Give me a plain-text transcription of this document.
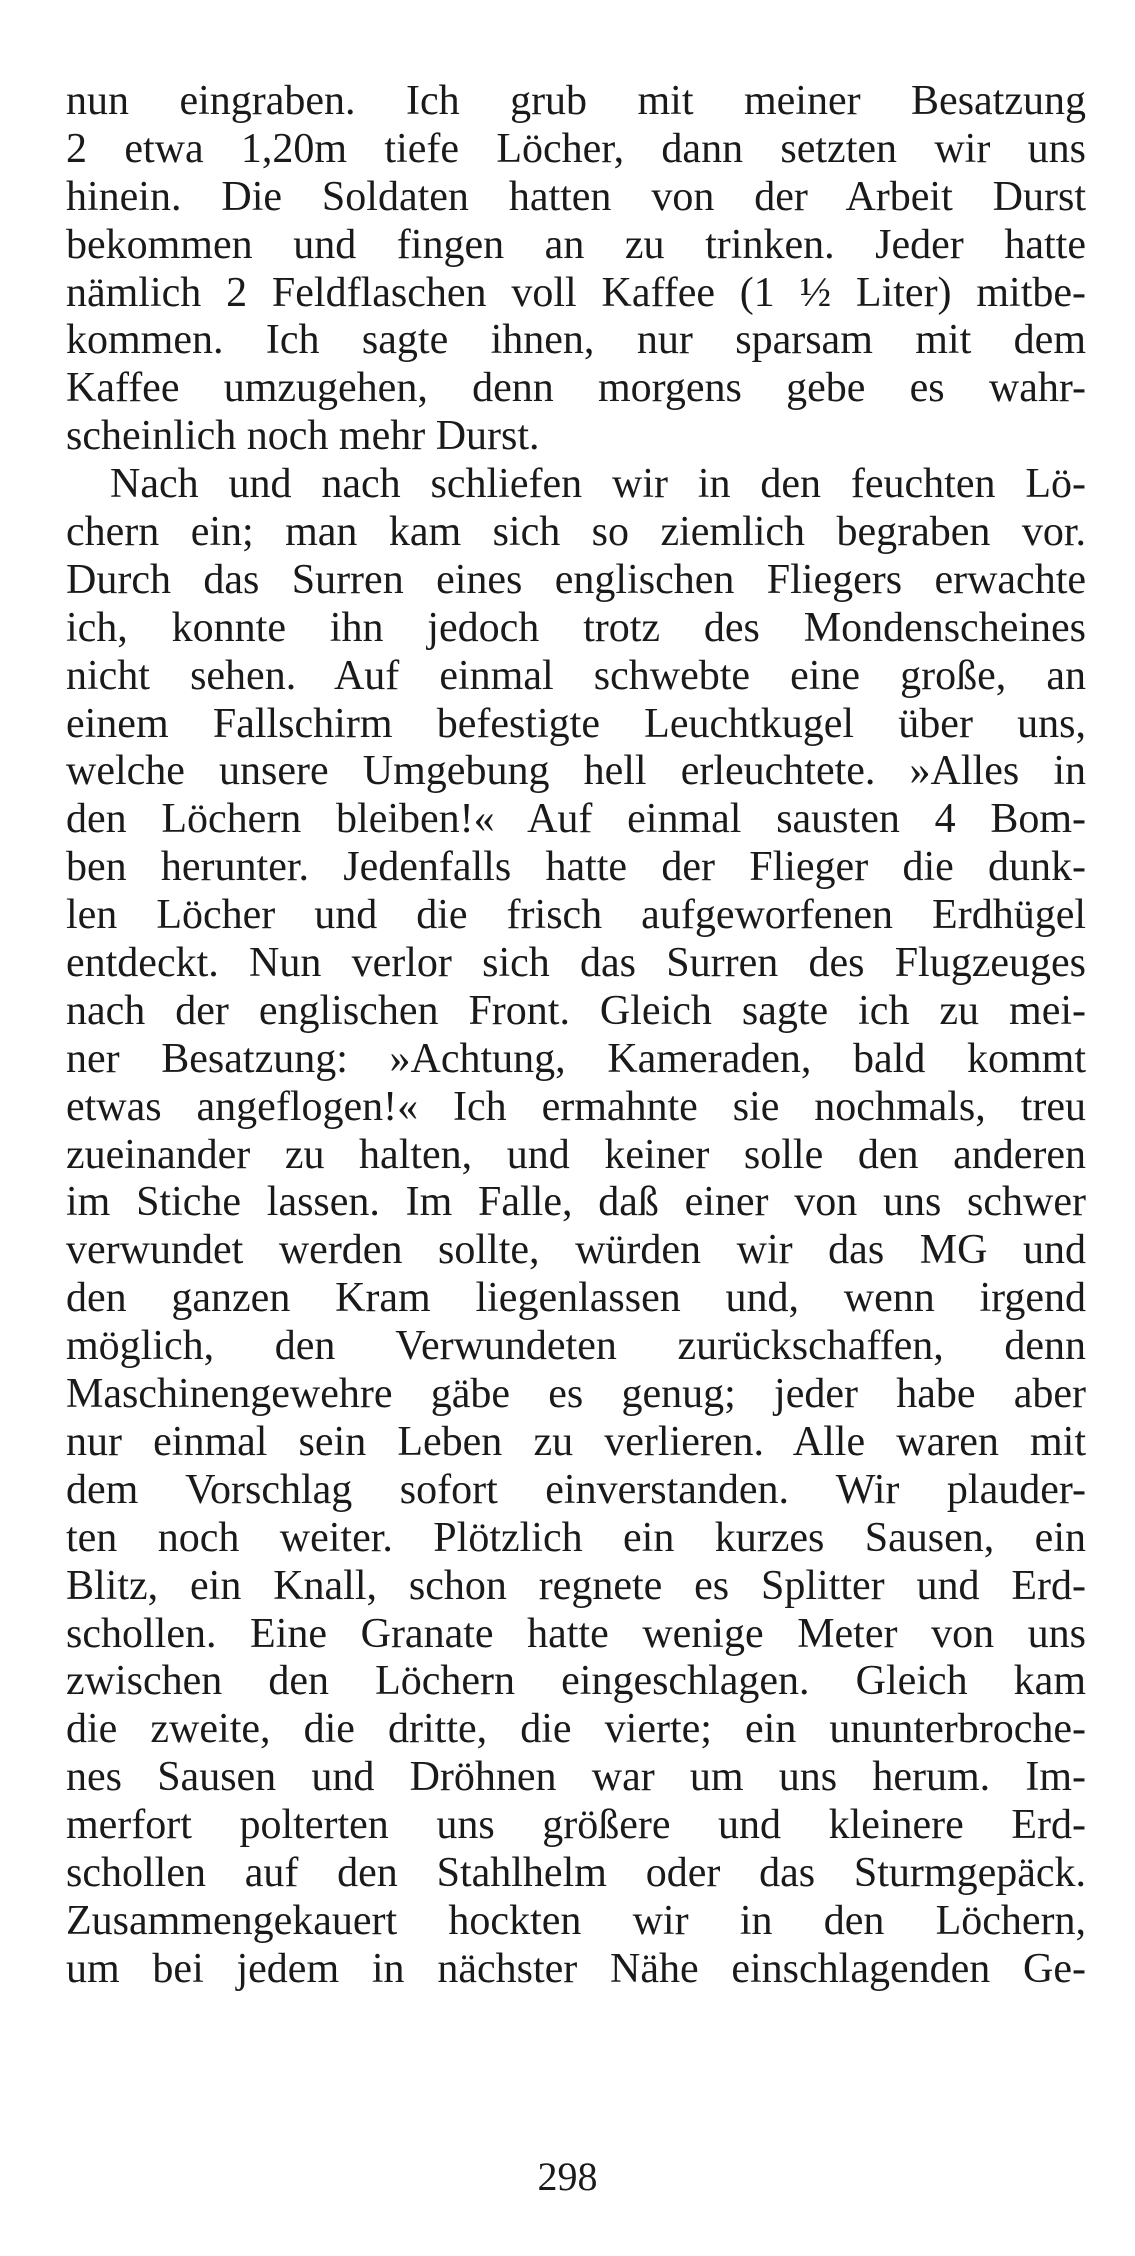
nun eingraben. Ich grub mit meiner Besatzung
2 etwa 1,20m tiefe Löcher, dann setzten wir uns
hinein. Die Soldaten hatten von der Arbeit Durst
bekommen und fingen an zu trinken. Jeder hatte
nämlich 2 Feldflaschen voll Kaffee (1 ½ Liter) mitbe-
kommen. Ich sagte ihnen, nur sparsam mit dem
Kaffee umzugehen, denn morgens gebe es wahr-
scheinlich noch mehr Durst.
Nach und nach schliefen wir in den feuchten Lö-
chern ein; man kam sich so ziemlich begraben vor.
Durch das Surren eines englischen Fliegers erwachte
ich, konnte ihn jedoch trotz des Mondenscheines
nicht sehen. Auf einmal schwebte eine große, an
einem Fallschirm befestigte Leuchtkugel über uns,
welche unsere Umgebung hell erleuchtete. »Alles in
den Löchern bleiben!« Auf einmal sausten 4 Bom-
ben herunter. Jedenfalls hatte der Flieger die dunk-
len Löcher und die frisch aufgeworfenen Erdhügel
entdeckt. Nun verlor sich das Surren des Flugzeuges
nach der englischen Front. Gleich sagte ich zu mei-
ner Besatzung: »Achtung, Kameraden, bald kommt
etwas angeflogen!« Ich ermahnte sie nochmals, treu
zueinander zu halten, und keiner solle den anderen
im Stiche lassen. Im Falle, daß einer von uns schwer
verwundet werden sollte, würden wir das MG und
den ganzen Kram liegenlassen und, wenn irgend
möglich, den Verwundeten zurückschaffen, denn
Maschinengewehre gäbe es genug; jeder habe aber
nur einmal sein Leben zu verlieren. Alle waren mit
dem Vorschlag sofort einverstanden. Wir plauder-
ten noch weiter. Plötzlich ein kurzes Sausen, ein
Blitz, ein Knall, schon regnete es Splitter und Erd-
schollen. Eine Granate hatte wenige Meter von uns
zwischen den Löchern eingeschlagen. Gleich kam
die zweite, die dritte, die vierte; ein ununterbroche-
nes Sausen und Dröhnen war um uns herum. Im-
merfort polterten uns größere und kleinere Erd-
schollen auf den Stahlhelm oder das Sturmgepäck.
Zusammengekauert hockten wir in den Löchern,
um bei jedem in nächster Nähe einschlagenden Ge-
298
